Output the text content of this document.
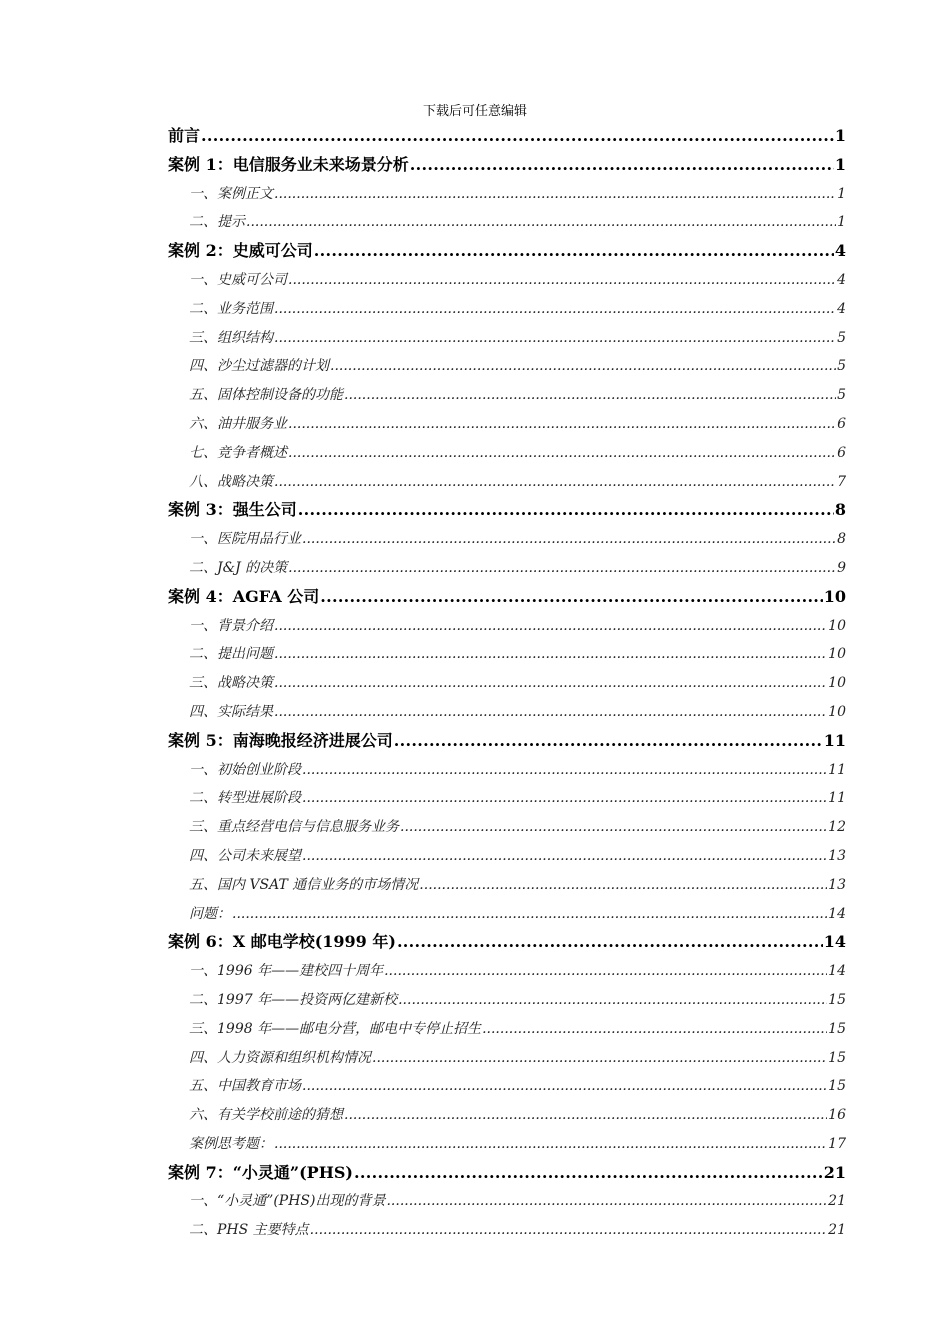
下载后可任意编辑
前言 .....	1
案例 1：电信服务业未来场景分析 .....	1
一、案例正文 .....	1
二、提示 .....	1
案例 2：史威可公司 .....	4
一、史威可公司 .....	4
二、业务范围 .....	4
三、组织结构 .....	5
四、沙尘过滤器的计划 .....	5
五、固体控制设备的功能 .....	5
六、油井服务业 .....	6
七、竞争者概述 .....	6
八、战略决策 .....	7
案例 3：强生公司 .....	8
一、医院用品行业 .....	8
二、J&J 的决策 .....	9
案例 4：AGFA 公司 .....	10
一、背景介绍 .....	10
二、提出问题 .....	10
三、战略决策 .....	10
四、实际结果 .....	10
案例 5：南海晚报经济进展公司 .....	11
一、初始创业阶段 .....	11
二、转型进展阶段 .....	11
三、重点经营电信与信息服务业务 .....	12
四、公司未来展望 .....	13
五、国内 VSAT 通信业务的市场情况 .....	13
问题： .....	14
案例 6：X 邮电学校(1999 年) .....	14
一、1996 年——建校四十周年 .....	14
二、1997 年——投资两亿建新校 .....	15
三、1998 年——邮电分营，邮电中专停止招生 .....	15
四、人力资源和组织机构情况 .....	15
五、中国教育市场 .....	15
六、有关学校前途的猜想 .....	16
案例思考题： .....	17
案例 7：“小灵通”(PHS) .....	21
一、“小灵通”(PHS)出现的背景 .....	21
二、PHS 主要特点 .....	21
